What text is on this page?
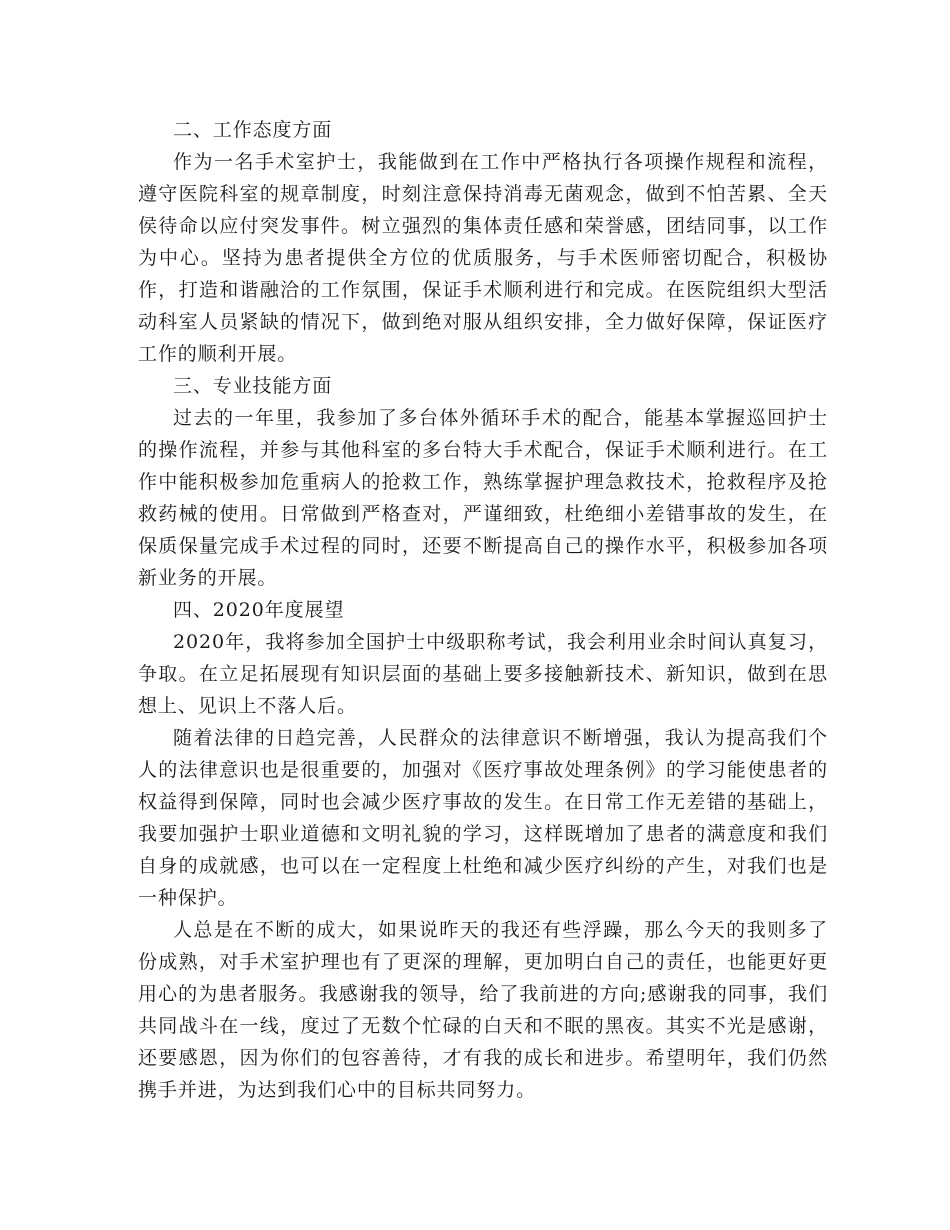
二、工作态度方面

作为一名手术室护士，我能做到在工作中严格执行各项操作规程和流程，遵守医院科室的规章制度，时刻注意保持消毒无菌观念，做到不怕苦累、全天侯待命以应付突发事件。树立强烈的集体责任感和荣誉感，团结同事，以工作为中心。坚持为患者提供全方位的优质服务，与手术医师密切配合，积极协作，打造和谐融洽的工作氛围，保证手术顺利进行和完成。在医院组织大型活动科室人员紧缺的情况下，做到绝对服从组织安排，全力做好保障，保证医疗工作的顺利开展。

三、专业技能方面

过去的一年里，我参加了多台体外循环手术的配合，能基本掌握巡回护士的操作流程，并参与其他科室的多台特大手术配合，保证手术顺利进行。在工作中能积极参加危重病人的抢救工作，熟练掌握护理急救技术，抢救程序及抢救药械的使用。日常做到严格查对，严谨细致，杜绝细小差错事故的发生，在保质保量完成手术过程的同时，还要不断提高自己的操作水平，积极参加各项新业务的开展。

四、2020年度展望

2020年，我将参加全国护士中级职称考试，我会利用业余时间认真复习，争取。在立足拓展现有知识层面的基础上要多接触新技术、新知识，做到在思想上、见识上不落人后。

随着法律的日趋完善，人民群众的法律意识不断增强，我认为提高我们个人的法律意识也是很重要的，加强对《医疗事故处理条例》的学习能使患者的权益得到保障，同时也会减少医疗事故的发生。在日常工作无差错的基础上，我要加强护士职业道德和文明礼貌的学习，这样既增加了患者的满意度和我们自身的成就感，也可以在一定程度上杜绝和减少医疗纠纷的产生，对我们也是一种保护。

人总是在不断的成大，如果说昨天的我还有些浮躁，那么今天的我则多了份成熟，对手术室护理也有了更深的理解，更加明白自己的责任，也能更好更用心的为患者服务。我感谢我的领导，给了我前进的方向;感谢我的同事，我们共同战斗在一线，度过了无数个忙碌的白天和不眠的黑夜。其实不光是感谢，还要感恩，因为你们的包容善待，才有我的成长和进步。希望明年，我们仍然携手并进，为达到我们心中的目标共同努力。
